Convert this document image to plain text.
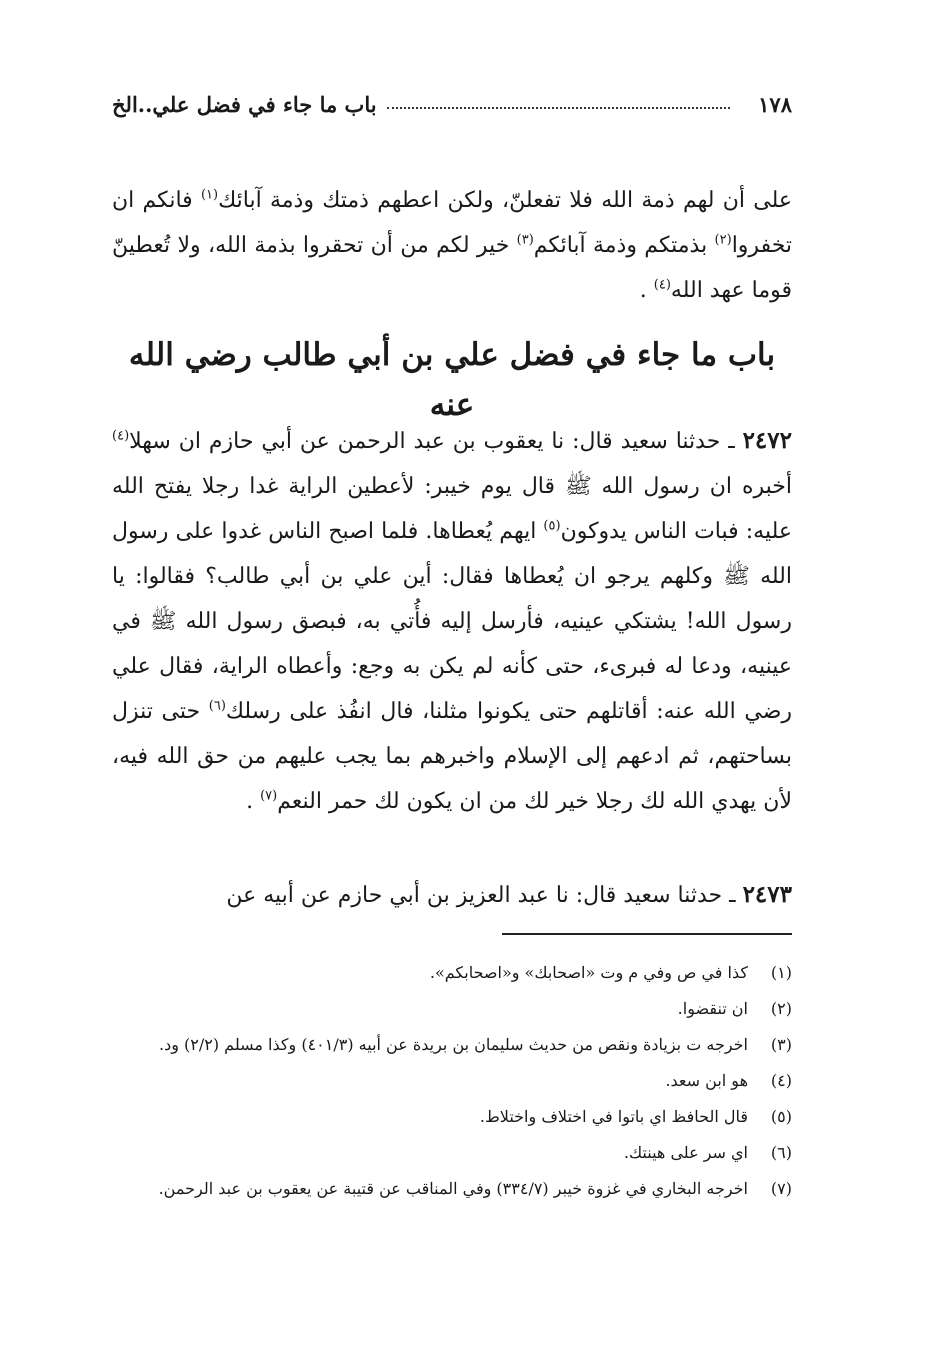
١٧٨
باب ما جاء في فضل علي..الخ

على أن لهم ذمة الله فلا تفعلنّ، ولكن اعطهم ذمتك وذمة آبائك$^{(١)}$ فانكم ان تخفروا$^{(٢)}$ بذمتكم وذمة آبائكم$^{(٣)}$ خير لكم من أن تحقروا بذمة الله، ولا تُعطينّ قوما عهد الله$^{(٤)}$ .

باب ما جاء في فضل علي بن أبي طالب رضي الله عنه

٢٤٧٢ ـ حدثنا سعيد قال: نا يعقوب بن عبد الرحمن عن أبي حازم ان سهلا$^{(٤)}$ أخبره ان رسول الله ﷺ قال يوم خيبر: لأعطين الراية غدا رجلا يفتح الله عليه: فبات الناس يدوكون$^{(٥)}$ ايهم يُعطاها. فلما اصبح الناس غدوا على رسول الله ﷺ وكلهم يرجو ان يُعطاها فقال: أين علي بن أبي طالب؟ فقالوا: يا رسول الله! يشتكي عينيه، فأرسل إليه فأُتي به، فبصق رسول الله ﷺ في عينيه، ودعا له فبرىء، حتى كأنه لم يكن به وجع: وأعطاه الراية، فقال علي رضي الله عنه: أقاتلهم حتى يكونوا مثلنا، فال انفُذ على رسلك$^{(٦)}$ حتى تنزل بساحتهم، ثم ادعهم إلى الإسلام واخبرهم بما يجب عليهم من حق الله فيه، لأن يهدي الله لك رجلا خير لك من ان يكون لك حمر النعم$^{(٧)}$ .

٢٤٧٣ ـ حدثنا سعيد قال: نا عبد العزيز بن أبي حازم عن أبيه عن

(١)
كذا في ص وفي م وت «اصحابك» و«اصحابكم».
(٢)
ان تنقضوا.
(٣)
اخرجه ت بزيادة ونقص من حديث سليمان بن بريدة عن أبيه (٤٠١/٣) وكذا مسلم (٢/٢) ود.
(٤)
هو ابن سعد.
(٥)
قال الحافظ اي باتوا في اختلاف واختلاط.
(٦)
اي سر على هينتك.
(٧)
اخرجه البخاري في غزوة خيبر (٣٣٤/٧) وفي المناقب عن قتيبة عن يعقوب بن عبد الرحمن.
